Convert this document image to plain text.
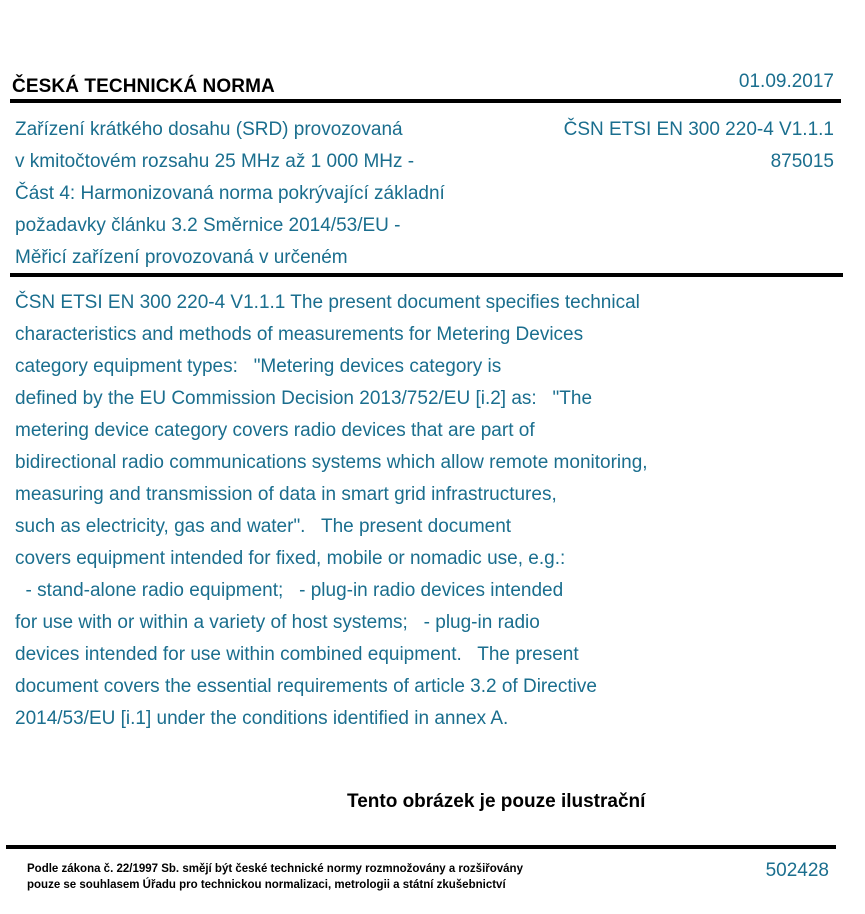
ČESKÁ TECHNICKÁ NORMA	01.09.2017
Zařízení krátkého dosahu (SRD) provozovaná
v kmitočtovém rozsahu 25 MHz až 1 000 MHz -
Část 4: Harmonizovaná norma pokrývající základní
požadavky článku 3.2 Směrnice 2014/53/EU -
Měřicí zařízení provozovaná v určeném
ČSN ETSI EN 300 220-4 V1.1.1
875015
ČSN ETSI EN 300 220-4 V1.1.1 The present document specifies technical
characteristics and methods of measurements for Metering Devices
category equipment types:   "Metering devices category is
defined by the EU Commission Decision 2013/752/EU [i.2] as:   "The
metering device category covers radio devices that are part of
bidirectional radio communications systems which allow remote monitoring,
measuring and transmission of data in smart grid infrastructures,
such as electricity, gas and water".   The present document
covers equipment intended for fixed, mobile or nomadic use, e.g.:
- stand-alone radio equipment;   - plug-in radio devices intended
for use with or within a variety of host systems;   - plug-in radio
devices intended for use within combined equipment.   The present
document covers the essential requirements of article 3.2 of Directive
2014/53/EU [i.1] under the conditions identified in annex A.
Tento obrázek je pouze ilustrační
Podle zákona č. 22/1997 Sb. smějí být české technické normy rozmnožovány a rozšiřovány
pouze se souhlasem Úřadu pro technickou normalizaci, metrologii a státní zkušebnictví
502428
